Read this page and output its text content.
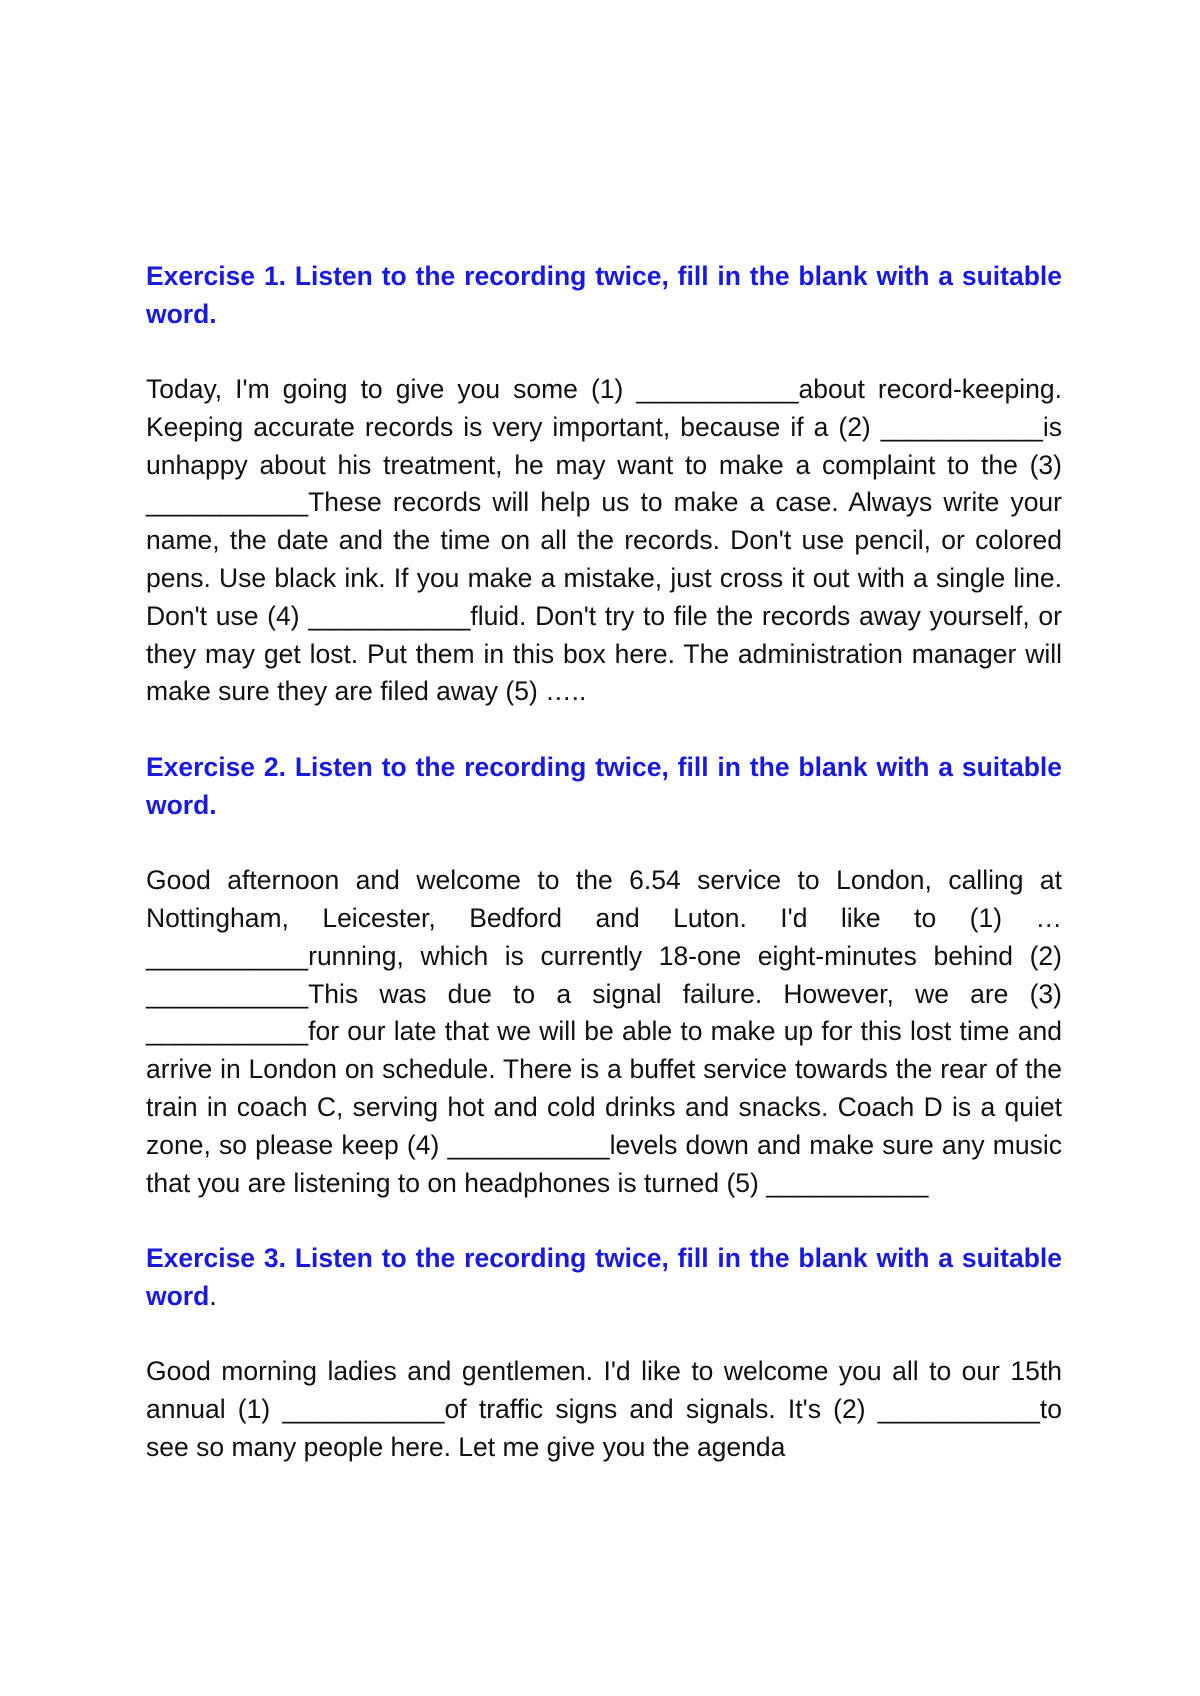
Exercise 1. Listen to the recording twice, fill in the blank with a suitable word.

Today, I'm going to give you some (1) ___________about record-keeping. Keeping accurate records is very important, because if a (2) ___________is unhappy about his treatment, he may want to make a complaint to the (3) ___________These records will help us to make a case. Always write your name, the date and the time on all the records. Don't use pencil, or colored pens. Use black ink. If you make a mistake, just cross it out with a single line. Don't use (4) ___________fluid. Don't try to file the records away yourself, or they may get lost. Put them in this box here. The administration manager will make sure they are filed away (5) …..

Exercise 2. Listen to the recording twice, fill in the blank with a suitable word.

Good afternoon and welcome to the 6.54 service to London, calling at Nottingham, Leicester, Bedford and Luton. I'd like to (1) …___________running, which is currently 18-one eight-minutes behind (2) ___________This was due to a signal failure. However, we are (3) ___________for our late that we will be able to make up for this lost time and arrive in London on schedule. There is a buffet service towards the rear of the train in coach C, serving hot and cold drinks and snacks. Coach D is a quiet zone, so please keep (4) ___________levels down and make sure any music that you are listening to on headphones is turned (5) ___________

Exercise 3. Listen to the recording twice, fill in the blank with a suitable word.

Good morning ladies and gentlemen. I'd like to welcome you all to our 15th annual (1) ___________of traffic signs and signals. It's (2) ___________to see so many people here. Let me give you the agenda
